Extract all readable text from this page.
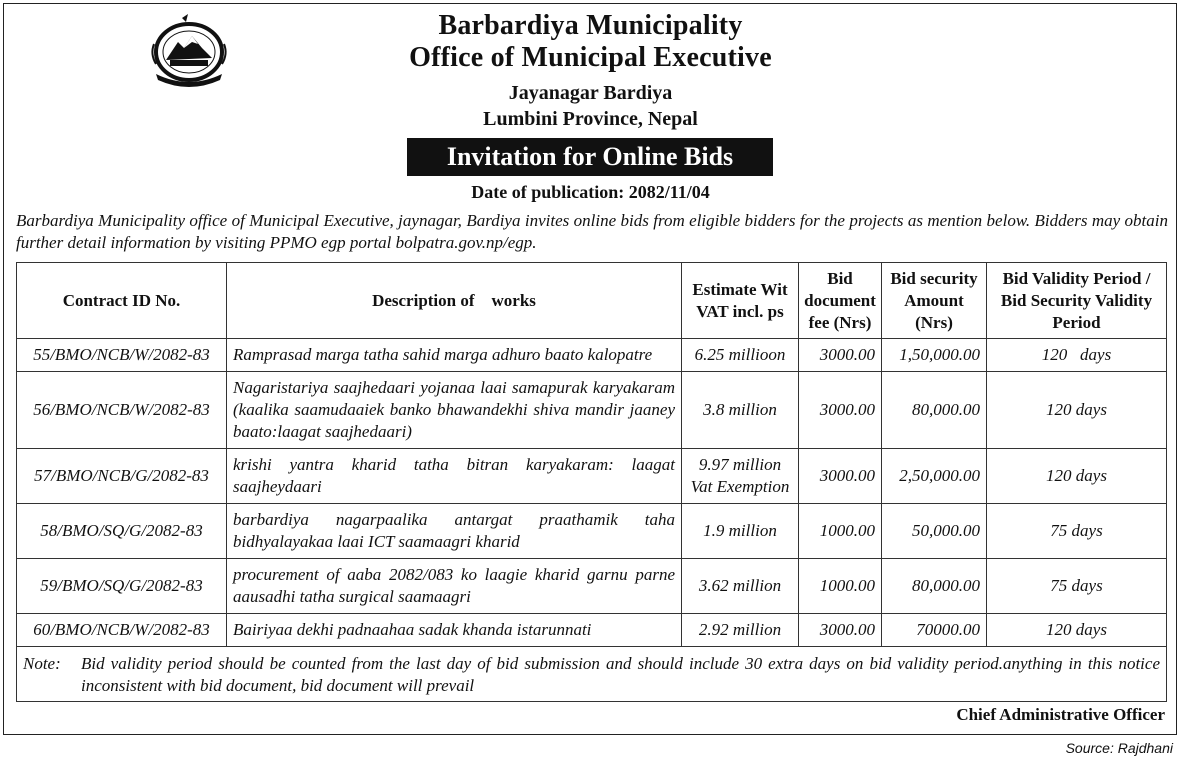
Barbardiya Municipality
Office of Municipal Executive
Jayanagar Bardiya
Lumbini Province, Nepal
Invitation for Online Bids
Date of publication: 2082/11/04
Barbardiya Municipality office of Municipal Executive, jaynagar, Bardiya invites online bids from eligible bidders for the projects as mention below. Bidders may obtain further detail information by visiting PPMO egp portal bolpatra.gov.np/egp.
Contract ID No.	Description of    works	Estimate Wit VAT incl. ps	Bid document fee (Nrs)	Bid security Amount (Nrs)	Bid Validity Period / Bid Security Validity Period
55/BMO/NCB/W/2082-83	Ramprasad marga tatha sahid marga adhuro baato kalopatre	6.25 millioon	3000.00	1,50,000.00	120   days
56/BMO/NCB/W/2082-83	Nagaristariya saajhedaari yojanaa laai samapurak karyakaram (kaalika saamudaaiek banko bhawandekhi shiva mandir jaaney baato:laagat saajhedaari)	3.8 million	3000.00	80,000.00	120 days
57/BMO/NCB/G/2082-83	krishi yantra kharid tatha bitran karyakaram: laagat saajheydaari	9.97 million Vat Exemption	3000.00	2,50,000.00	120 days
58/BMO/SQ/G/2082-83	barbardiya nagarpaalika antargat praathamik taha bidhyalayakaa laai ICT saamaagri kharid	1.9 million	1000.00	50,000.00	75 days
59/BMO/SQ/G/2082-83	procurement of aaba 2082/083 ko laagie kharid garnu parne aausadhi tatha surgical saamaagri	3.62 million	1000.00	80,000.00	75 days
60/BMO/NCB/W/2082-83	Bairiyaa dekhi padnaahaa sadak khanda istarunnati	2.92 million	3000.00	70000.00	120 days

Note: Bid validity period should be counted from the last day of bid submission and should include 30 extra days on bid validity period.anything in this notice inconsistent with bid document, bid document will prevail					
Chief Administrative Officer
Source: Rajdhani
